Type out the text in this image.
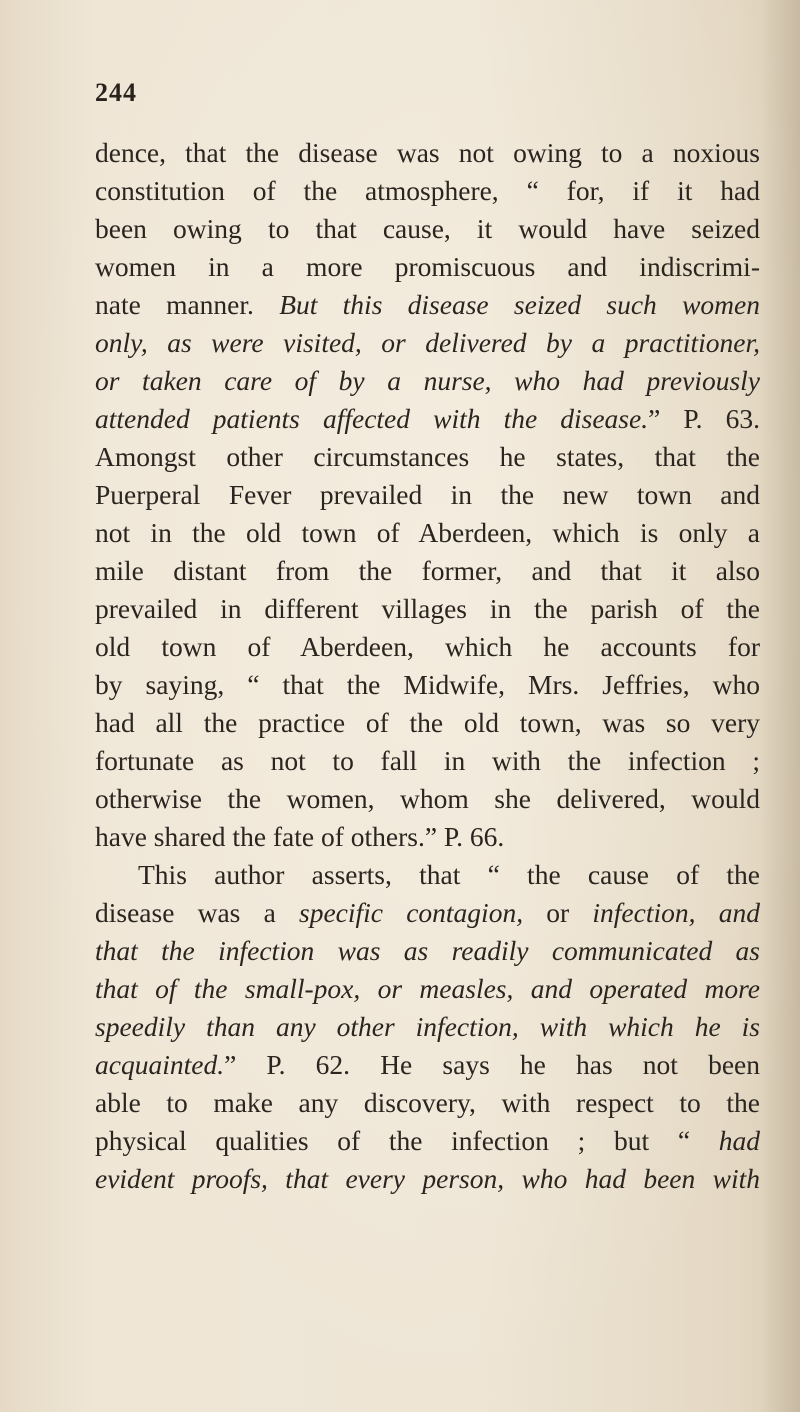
244
dence, that the disease was not owing to a noxious
constitution of the atmosphere, “ for, if it had
been owing to that cause, it would have seized
women in a more promiscuous and indiscrimi-
nate manner. But this disease seized such women
only, as were visited, or delivered by a practitioner,
or taken care of by a nurse, who had previously
attended patients affected with the disease.” P. 63.
Amongst other circumstances he states, that the
Puerperal Fever prevailed in the new town and
not in the old town of Aberdeen, which is only a
mile distant from the former, and that it also
prevailed in different villages in the parish of the
old town of Aberdeen, which he accounts for
by saying, “ that the Midwife, Mrs. Jeffries, who
had all the practice of the old town, was so very
fortunate as not to fall in with the infection ;
otherwise the women, whom she delivered, would
have shared the fate of others.” P. 66.
This author asserts, that “ the cause of the
disease was a specific contagion, or infection, and
that the infection was as readily communicated as
that of the small-pox, or measles, and operated more
speedily than any other infection, with which he is
acquainted.” P. 62. He says he has not been
able to make any discovery, with respect to the
physical qualities of the infection ; but “ had
evident proofs, that every person, who had been with
